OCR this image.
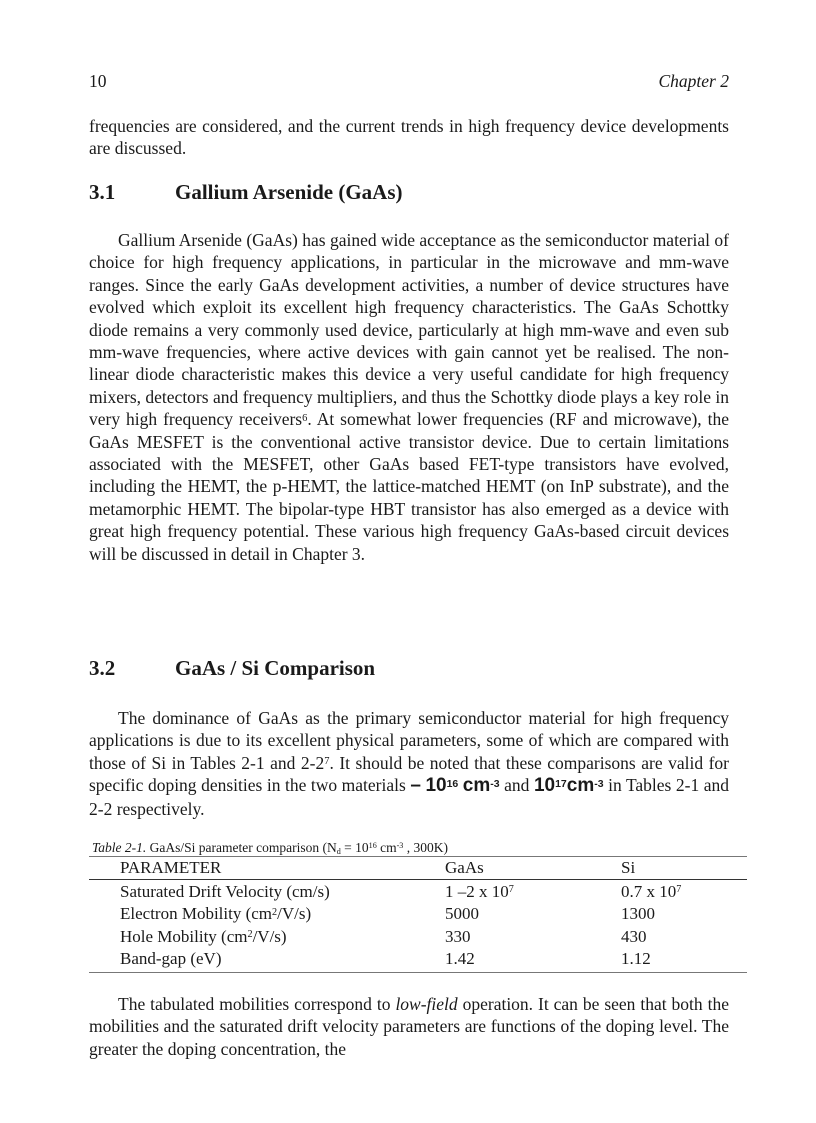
10	Chapter 2
frequencies are considered, and the current trends in high frequency device developments are discussed.
3.1	Gallium Arsenide (GaAs)
Gallium Arsenide (GaAs) has gained wide acceptance as the semiconductor material of choice for high frequency applications, in particular in the microwave and mm-wave ranges. Since the early GaAs development activities, a number of device structures have evolved which exploit its excellent high frequency characteristics. The GaAs Schottky diode remains a very commonly used device, particularly at high mm-wave and even sub mm-wave frequencies, where active devices with gain cannot yet be realised. The non-linear diode characteristic makes this device a very useful candidate for high frequency mixers, detectors and frequency multipliers, and thus the Schottky diode plays a key role in very high frequency receivers$^6$. At somewhat lower frequencies (RF and microwave), the GaAs MESFET is the conventional active transistor device. Due to certain limitations associated with the MESFET, other GaAs based FET-type transistors have evolved, including the HEMT, the p-HEMT, the lattice-matched HEMT (on InP substrate), and the metamorphic HEMT. The bipolar-type HBT transistor has also emerged as a device with great high frequency potential. These various high frequency GaAs-based circuit devices will be discussed in detail in Chapter 3.
3.2	GaAs / Si Comparison
The dominance of GaAs as the primary semiconductor material for high frequency applications is due to its excellent physical parameters, some of which are compared with those of Si in Tables 2-1 and $2-2^7$. It should be noted that these comparisons are valid for specific doping densities in the two materials – $10^{16}$ $cm^{-3}$ and $10^{17}cm^{-3}$ in Tables 2-1 and 2-2 respectively.
Table 2-1. GaAs/Si parameter comparison ($N_d = 10^{16}$ $cm^{-3}$ , 300K)
PARAMETER	GaAs	Si
Saturated Drift Velocity (cm/s)	1 –2 x $10^7$	0.7 x $10^7$
Electron Mobility $(cm^2/V/s)$	5000	1300
Hole Mobility $(cm^2/V/s)$	330	430
Band-gap (eV)	1.42	1.12
The tabulated mobilities correspond to low-field operation. It can be seen that both the mobilities and the saturated drift velocity parameters are functions of the doping level. The greater the doping concentration, the
